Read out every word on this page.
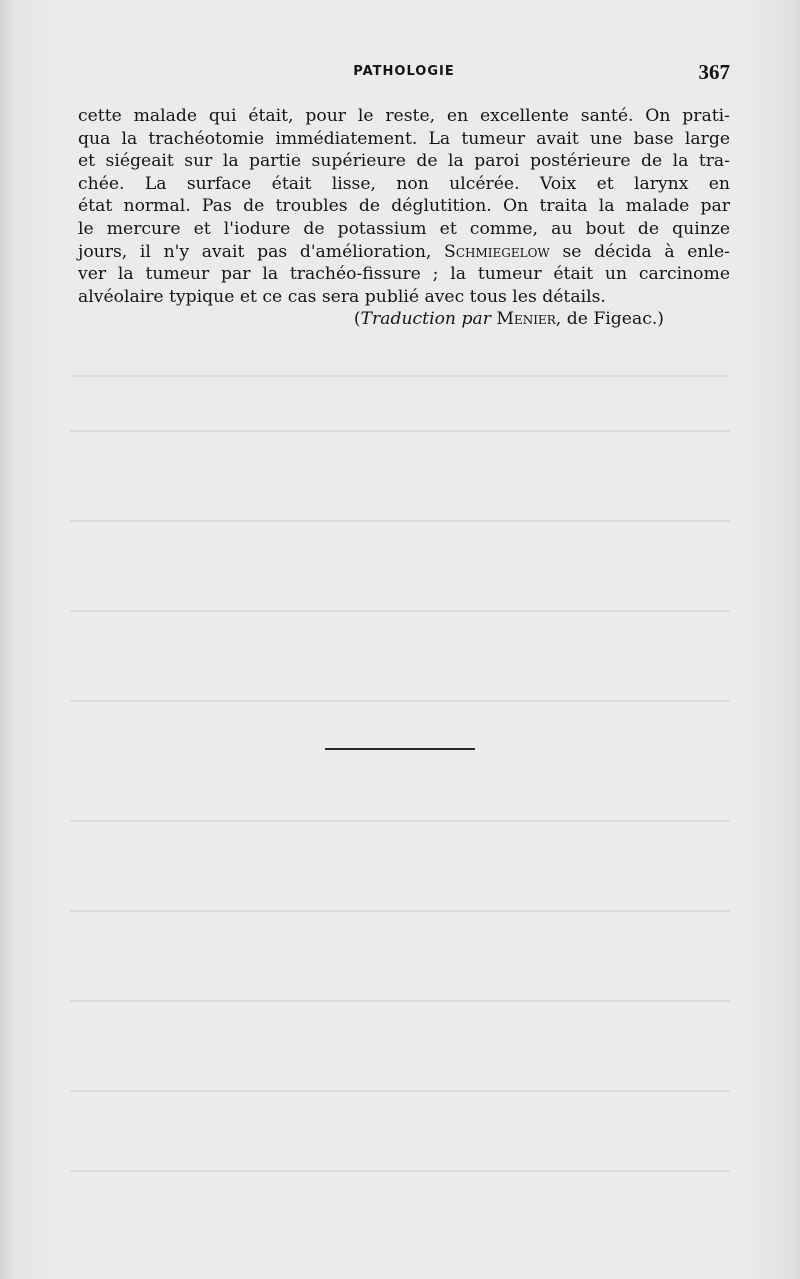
PATHOLOGIE	367
cette malade qui était, pour le reste, en excellente santé. On prati-
qua la trachéotomie immédiatement. La tumeur avait une base large
et siégeait sur la partie supérieure de la paroi postérieure de la tra-
chée. La surface était lisse, non ulcérée. Voix et larynx en
état normal. Pas de troubles de déglutition. On traita la malade par
le mercure et l'iodure de potassium et comme, au bout de quinze
jours, il n'y avait pas d'amélioration, Schmiegelow se décida à enle-
ver la tumeur par la trachéo-fissure ; la tumeur était un carcinome
alvéolaire typique et ce cas sera publié avec tous les détails.
(Traduction par Menier, de Figeac.)
